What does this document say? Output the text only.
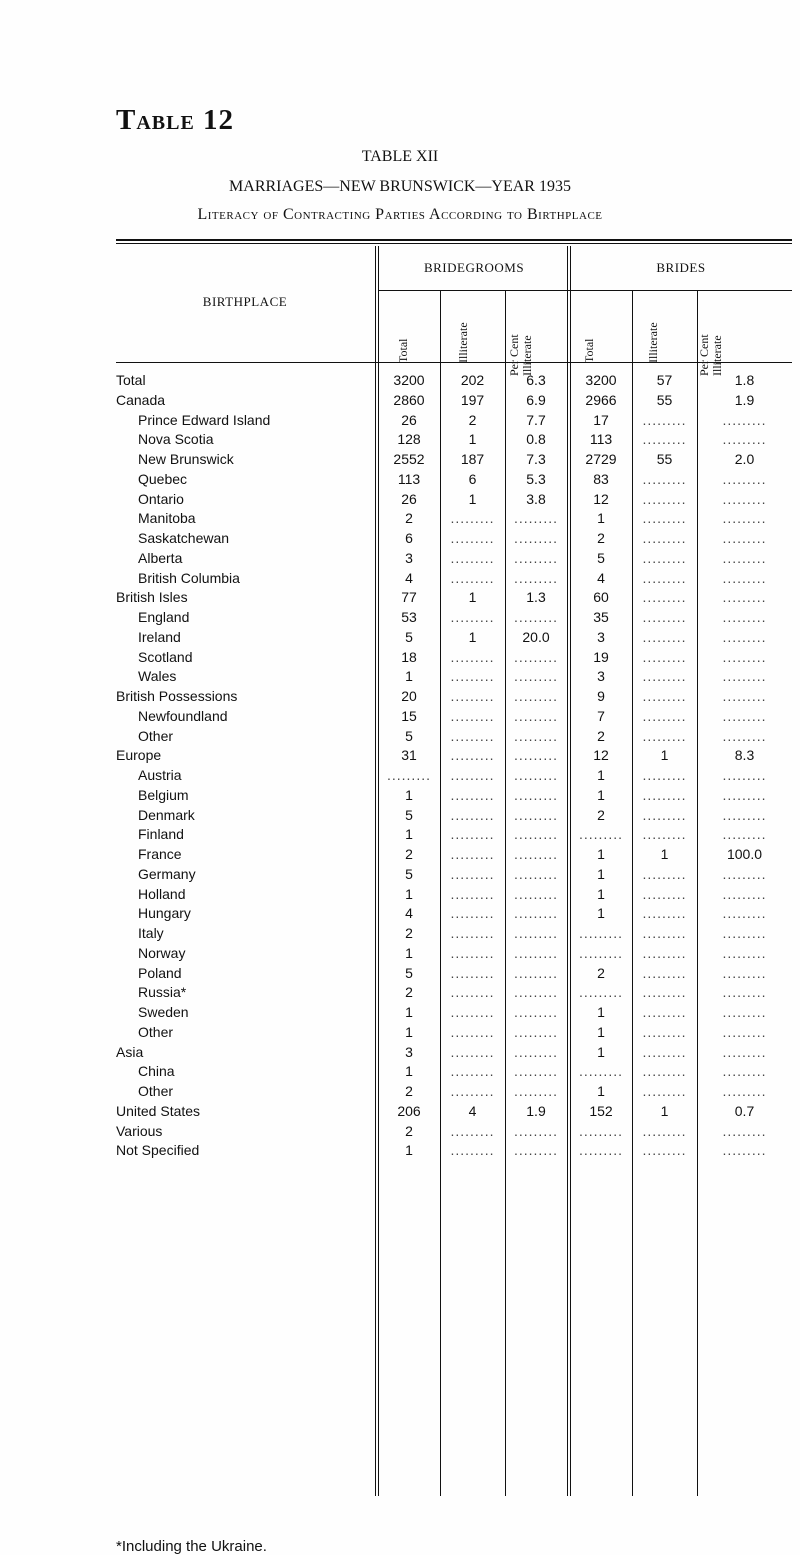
Table 12
TABLE XII
MARRIAGES—NEW BRUNSWICK—YEAR 1935
Literacy of Contracting Parties According to Birthplace
BIRTHPLACE
BRIDEGROOMS	BRIDES
Total	Illiterate	Per Cent Illiterate	Total	Illiterate	Per Cent Illiterate
Total	3200	202	6.3	3200	57	1.8
Canada	2860	197	6.9	2966	55	1.9
Prince Edward Island	26	2	7.7	17	.........	.........
Nova Scotia	128	1	0.8	113	.........	.........
New Brunswick	2552	187	7.3	2729	55	2.0
Quebec	113	6	5.3	83	.........	.........
Ontario	26	1	3.8	12	.........	.........
Manitoba	2	.........	.........	1	.........	.........
Saskatchewan	6	.........	.........	2	.........	.........
Alberta	3	.........	.........	5	.........	.........
British Columbia	4	.........	.........	4	.........	.........
British Isles	77	1	1.3	60	.........	.........
England	53	.........	.........	35	.........	.........
Ireland	5	1	20.0	3	.........	.........
Scotland	18	.........	.........	19	.........	.........
Wales	1	.........	.........	3	.........	.........
British Possessions	20	.........	.........	9	.........	.........
Newfoundland	15	.........	.........	7	.........	.........
Other	5	.........	.........	2	.........	.........
Europe	31	.........	.........	12	1	8.3
Austria	.........	.........	.........	1	.........	.........
Belgium	1	.........	.........	1	.........	.........
Denmark	5	.........	.........	2	.........	.........
Finland	1	.........	.........	.........	.........	.........
France	2	.........	.........	1	1	100.0
Germany	5	.........	.........	1	.........	.........
Holland	1	.........	.........	1	.........	.........
Hungary	4	.........	.........	1	.........	.........
Italy	2	.........	.........	.........	.........	.........
Norway	1	.........	.........	.........	.........	.........
Poland	5	.........	.........	2	.........	.........
Russia*	2	.........	.........	.........	.........	.........
Sweden	1	.........	.........	1	.........	.........
Other	1	.........	.........	1	.........	.........
Asia	3	.........	.........	1	.........	.........
China	1	.........	.........	.........	.........	.........
Other	2	.........	.........	1	.........	.........
United States	206	4	1.9	152	1	0.7
Various	2	.........	.........	.........	.........	.........
Not Specified	1	.........	.........	.........	.........	.........
*Including the Ukraine.
